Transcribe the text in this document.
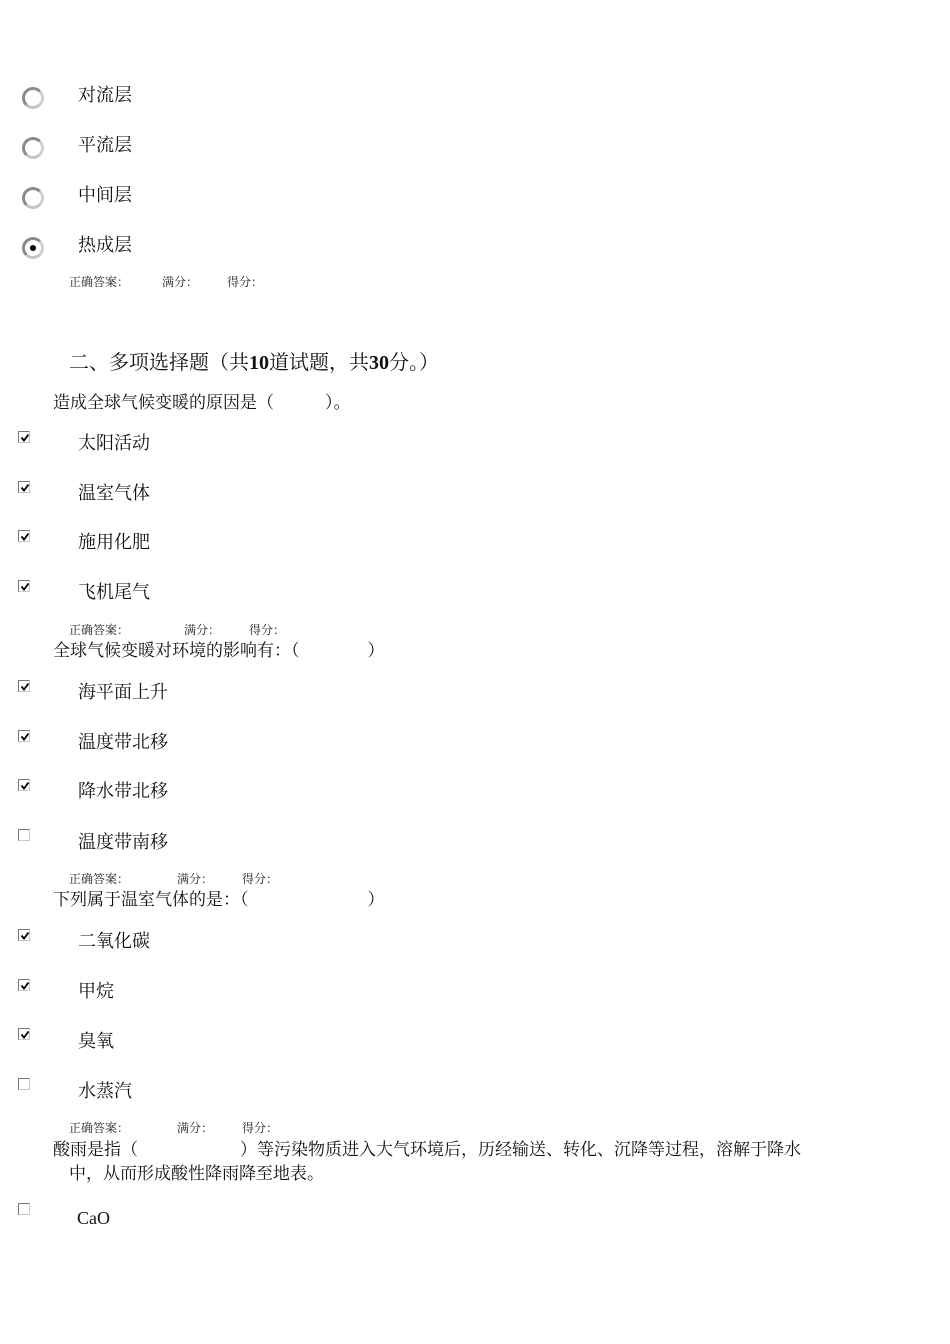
对流层
平流层
中间层
热成层
正确答案：	满分： 得分：
二、多项选择题（共10道试题，共30分。）
造成全球气候变暖的原因是（　　　）。
太阳活动
温室气体
施用化肥
飞机尾气
正确答案：	满分： 得分：
全球气候变暖对环境的影响有：（　　　　）
海平面上升
温度带北移
降水带北移
温度带南移
正确答案：	满分： 得分：
下列属于温室气体的是：（　　　　　　　）
二氧化碳
甲烷
臭氧
水蒸汽
正确答案：	满分： 得分：
酸雨是指（　　　　　　）等污染物质进入大气环境后，历经输送、转化、沉降等过程，溶解于降水
中，从而形成酸性降雨降至地表。
CaO
